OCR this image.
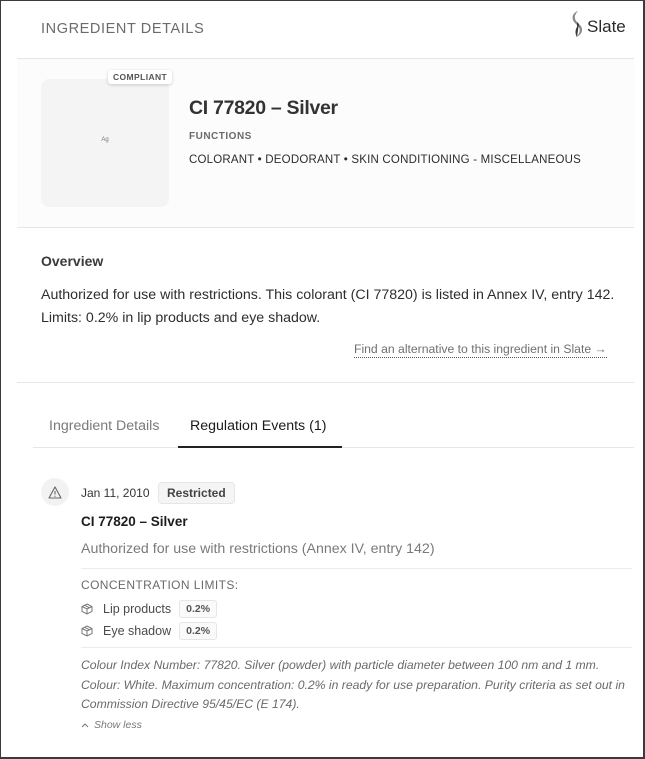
INGREDIENT DETAILS	Slate
Ag
COMPLIANT
CI 77820 – Silver
FUNCTIONS
COLORANT • DEODORANT • SKIN CONDITIONING - MISCELLANEOUS
Overview
Authorized for use with restrictions. This colorant (CI 77820) is listed in Annex IV, entry 142. Limits: 0.2% in lip products and eye shadow.
Find an alternative to this ingredient in Slate →
Ingredient Details	Regulation Events (1)
Jan 11, 2010	Restricted
CI 77820 – Silver
Authorized for use with restrictions (Annex IV, entry 142)
CONCENTRATION LIMITS:
Lip products	0.2%
Eye shadow	0.2%
Colour Index Number: 77820. Silver (powder) with particle diameter between 100 nm and 1 mm. Colour: White. Maximum concentration: 0.2% in ready for use preparation. Purity criteria as set out in Commission Directive 95/45/EC (E 174).
Show less
